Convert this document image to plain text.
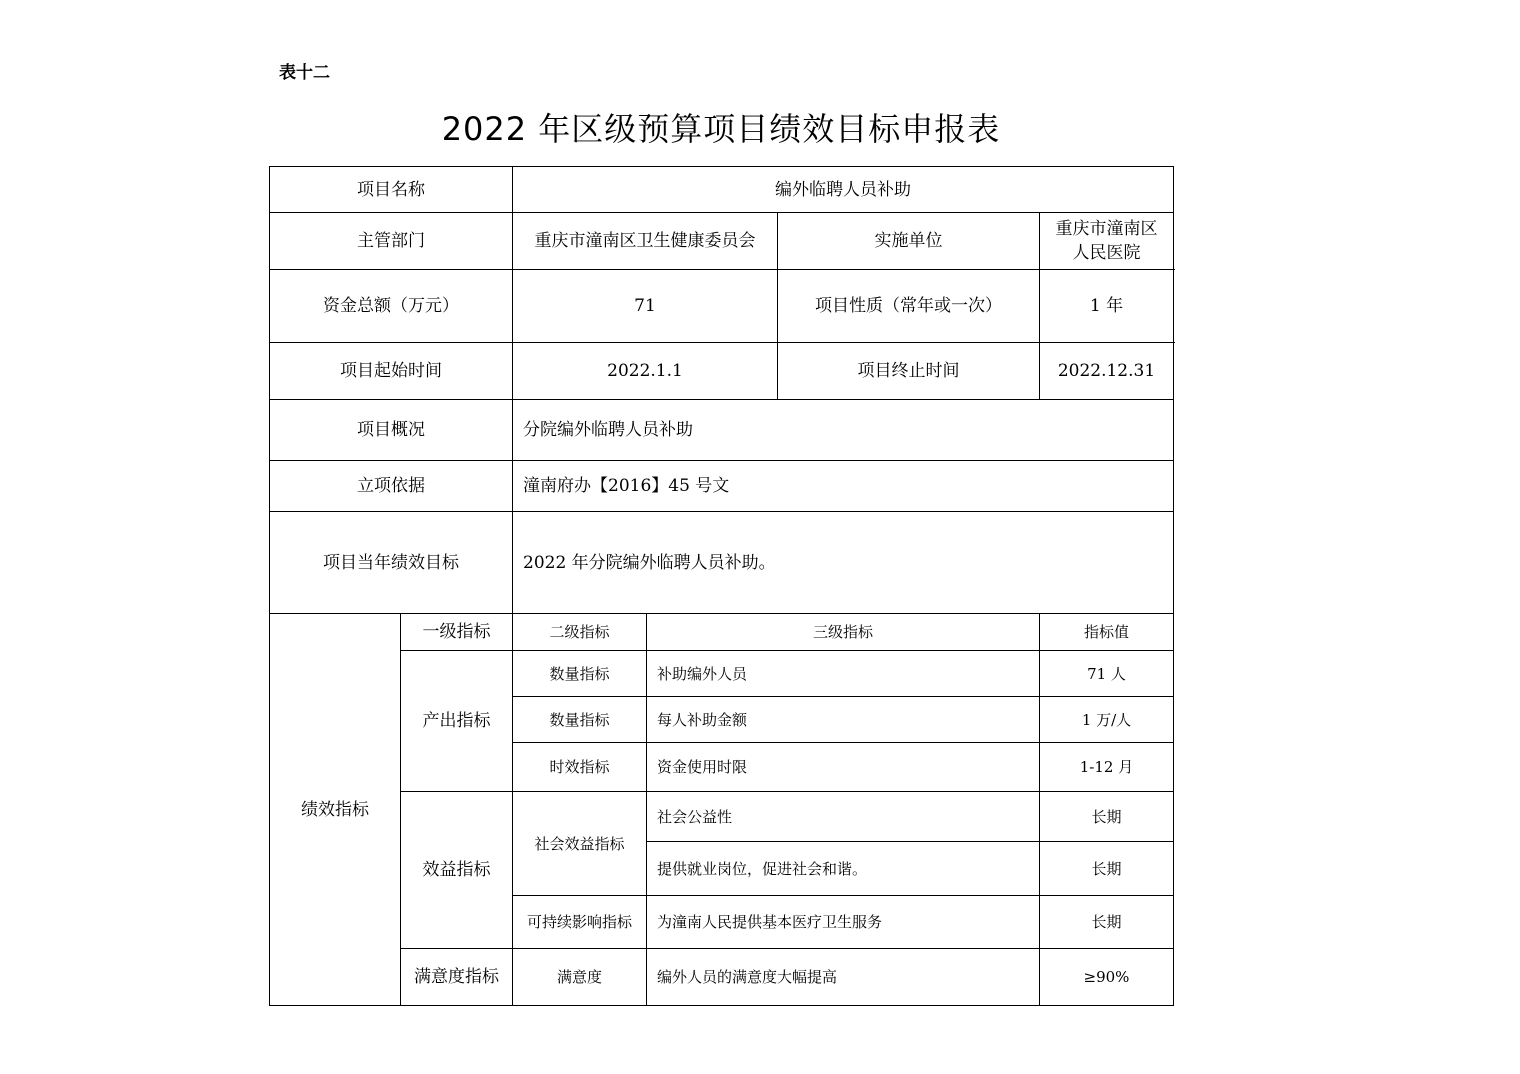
表十二
2022 年区级预算项目绩效目标申报表
项目名称		编外临聘人员补助			
主管部门		重庆市潼南区卫生健康委员会		实施单位	重庆市潼南区人民医院
资金总额（万元）		71		项目性质（常年或一次）	1 年
项目起始时间		2022.1.1		项目终止时间	2022.12.31
项目概况		分院编外临聘人员补助			
立项依据		潼南府办【2016】45 号文			
项目当年绩效目标		2022 年分院编外临聘人员补助。			
绩效指标	一级指标	二级指标	三级指标		指标值
	产出指标	数量指标	补助编外人员		71 人
		数量指标	每人补助金额		1 万/人
		时效指标	资金使用时限		1-12 月
	效益指标	社会效益指标	社会公益性		长期
			提供就业岗位，促进社会和谐。		长期
		可持续影响指标	为潼南人民提供基本医疗卫生服务		长期
	满意度指标	满意度	编外人员的满意度大幅提高		≥90%
